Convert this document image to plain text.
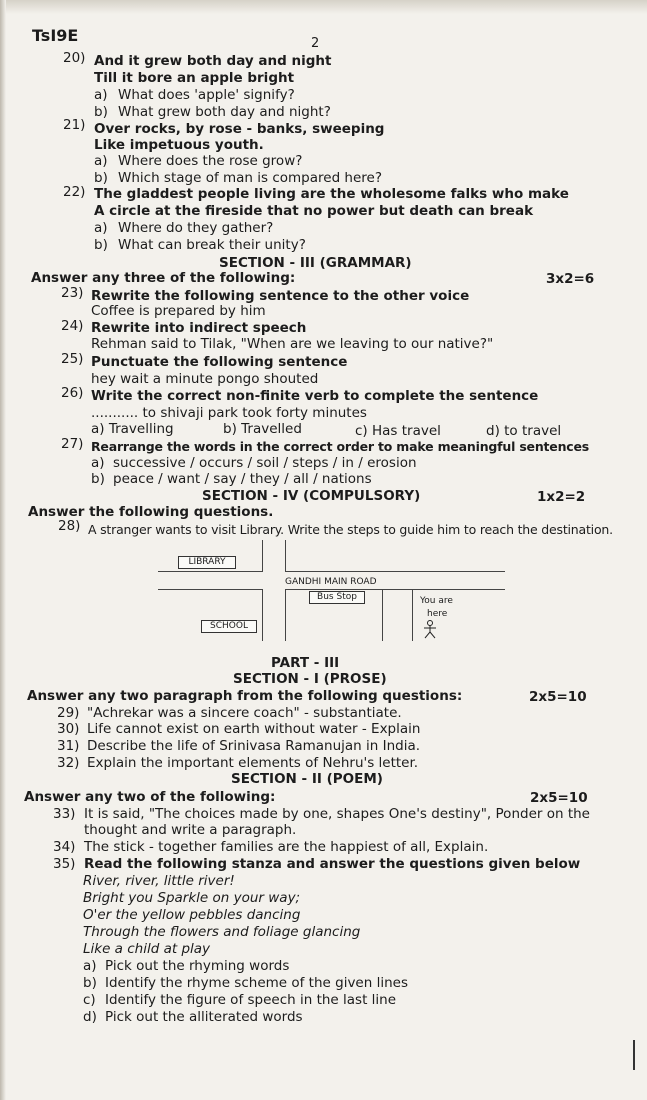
TsI9E	2
20) And it grew both day and night
Till it bore an apple bright
a) What does 'apple' signify?
b) What grew both day and night?
21) Over rocks, by rose - banks, sweeping
Like impetuous youth.
a) Where does the rose grow?
b) Which stage of man is compared here?
22) The gladdest people living are the wholesome falks who make
A circle at the fireside that no power but death can break
a) Where do they gather?
b) What can break their unity?
SECTION - III (GRAMMAR)
Answer any three of the following:	3x2=6
23) Rewrite the following sentence to the other voice
Coffee is prepared by him
24) Rewrite into indirect speech
Rehman said to Tilak, "When are we leaving to our native?"
25) Punctuate the following sentence
hey wait a minute pongo shouted
26) Write the correct non-finite verb to complete the sentence
........... to shivaji park took forty minutes
a) Travelling	b) Travelled	c) Has travel	d) to travel
27) Rearrange the words in the correct order to make meaningful sentences
a) successive / occurs / soil / steps / in / erosion
b) peace / want / say / they / all / nations
SECTION - IV (COMPULSORY)	1x2=2
Answer the following questions.
28) A stranger wants to visit Library. Write the steps to guide him to reach the destination.
LIBRARY
GANDHI MAIN ROAD
Bus Stop
SCHOOL
You are
here
PART - III
SECTION - I (PROSE)
Answer any two paragraph from the following questions:	2x5=10
29) "Achrekar was a sincere coach" - substantiate.
30) Life cannot exist on earth without water - Explain
31) Describe the life of Srinivasa Ramanujan in India.
32) Explain the important elements of Nehru's letter.
SECTION - II (POEM)
Answer any two of the following:	2x5=10
33) It is said, "The choices made by one, shapes One's destiny", Ponder on the
thought and write a paragraph.
34) The stick - together families are the happiest of all, Explain.
35) Read the following stanza and answer the questions given below
River, river, little river!
Bright you Sparkle on your way;
O'er the yellow pebbles dancing
Through the flowers and foliage glancing
Like a child at play
a) Pick out the rhyming words
b) Identify the rhyme scheme of the given lines
c) Identify the figure of speech in the last line
d) Pick out the alliterated words
